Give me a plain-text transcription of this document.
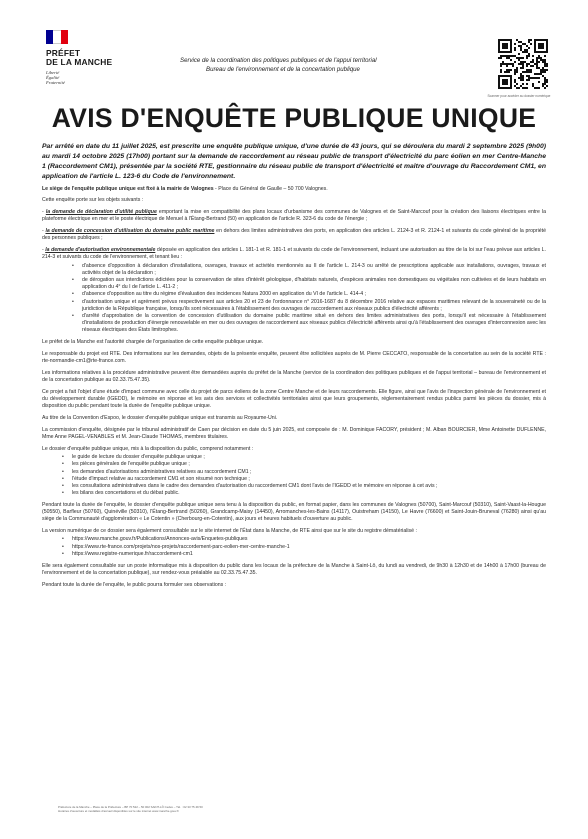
PRÉFET
DE LA MANCHE
Liberté
Égalité
Fraternité
Service de la coordination des politiques publiques et de l'appui territorial
Bureau de l'environnement et de la concertation publique
Scanner pour accéder au dossier numérique
AVIS D'ENQUÊTE PUBLIQUE UNIQUE

Par arrêté en date du 11 juillet 2025, est prescrite une enquête publique unique, d'une durée de 43 jours, qui se déroulera du mardi 2 septembre 2025 (9h00) au mardi 14 octobre 2025 (17h00) portant sur la demande de raccordement au réseau public de transport d'électricité du parc éolien en mer Centre-Manche 1 (Raccordement CM1), présentée par la société RTE, gestionnaire du réseau public de transport d'électricité et maître d'ouvrage du Raccordement CM1, en application de l'article L. 123-6 du Code de l'environnement.

Le siège de l'enquête publique unique est fixé à la mairie de Valognes - Place du Général de Gaulle – 50 700 Valognes.

Cette enquête porte sur les objets suivants :

- la demande de déclaration d'utilité publique emportant la mise en compatibilité des plans locaux d'urbanisme des communes de Valognes et de Saint-Marcouf pour la création des liaisons électriques entre la plateforme électrique en mer et le poste électrique de Menuel à l'Étang-Bertrand (50) en application de l'article R. 323-6 du code de l'énergie ;

- la demande de concession d'utilisation du domaine public maritime en dehors des limites administratives des ports, en application des articles L. 2124-3 et R. 2124-1 et suivants du code général de la propriété des personnes publiques ;

- la demande d'autorisation environnementale déposée en application des articles L. 181-1 et R. 181-1 et suivants du code de l'environnement, incluant une autorisation au titre de la loi sur l'eau prévue aux articles L. 214-3 et suivants du code de l'environnement, et tenant lieu :

• d'absence d'opposition à déclaration d'installations, ouvrages, travaux et activités mentionnés au II de l'article L. 214-3 ou arrêté de prescriptions applicable aux installations, ouvrages, travaux et activités objet de la déclaration ;
• de dérogation aux interdictions édictées pour la conservation de sites d'intérêt géologique, d'habitats naturels, d'espèces animales non domestiques ou végétales non cultivées et de leurs habitats en application du 4° du I de l'article L. 411-2 ;
• d'absence d'opposition au titre du régime d'évaluation des incidences Natura 2000 en application du VI de l'article L. 414-4 ;
• d'autorisation unique et agrément prévus respectivement aux articles 20 et 23 de l'ordonnance n° 2016-1687 du 8 décembre 2016 relative aux espaces maritimes relevant de la souveraineté ou de la juridiction de la République française, lorsqu'ils sont nécessaires à l'établissement des ouvrages de raccordement aux réseaux publics d'électricité afférents ;
• d'arrêté d'approbation de la convention de concession d'utilisation du domaine public maritime situé en dehors des limites administratives des ports, lorsqu'il est nécessaire à l'établissement d'installations de production d'énergie renouvelable en mer ou des ouvrages de raccordement aux réseaux publics d'électricité afférents ainsi qu'à l'établissement des ouvrages d'interconnexion avec les réseaux électriques des États limitrophes.

Le préfet de la Manche est l'autorité chargée de l'organisation de cette enquête publique unique.

Le responsable du projet est RTE. Des informations sur les demandes, objets de la présente enquête, peuvent être sollicitées auprès de M. Pierre CECCATO, responsable de la concertation au sein de la société RTE : rte-normandie-cm1@rte-france.com.

Les informations relatives à la procédure administrative peuvent être demandées auprès du préfet de la Manche (service de la coordination des politiques publiques et de l'appui territorial – bureau de l'environnement et de la concertation publique au 02.33.75.47.35).

Ce projet a fait l'objet d'une étude d'impact commune avec celle du projet de parcs éoliens de la zone Centre Manche et de leurs raccordements. Elle figure, ainsi que l'avis de l'inspection générale de l'environnement et du développement durable (IGEDD), le mémoire en réponse et les avis des services et collectivités territoriales ainsi que leurs groupements, réglementairement rendus publics parmi les pièces du dossier, mis à disposition du public pendant toute la durée de l'enquête publique unique.

Au titre de la Convention d'Espoo, le dossier d'enquête publique unique est transmis au Royaume-Uni.

La commission d'enquête, désignée par le tribunal administratif de Caen par décision en date du 5 juin 2025, est composée de : M. Dominique FACORY, président ; M. Alban BOURCIER, Mme Antoinette DUFLENNE, Mme Anne PAGEL-VENABLES et M. Jean-Claude THOMAS, membres titulaires.

Le dossier d'enquête publique unique, mis à la disposition du public, comprend notamment :

• le guide de lecture du dossier d'enquête publique unique ;
• les pièces générales de l'enquête publique unique ;
• les demandes d'autorisations administratives relatives au raccordement CM1 ;
• l'étude d'impact relative au raccordement CM1 et son résumé non technique ;
• les consultations administratives dans le cadre des demandes d'autorisation du raccordement CM1 dont l'avis de l'IGEDD et le mémoire en réponse à cet avis ;
• les bilans des concertations et du débat public.

Pendant toute la durée de l'enquête, le dossier d'enquête publique unique sera tenu à la disposition du public, en format papier, dans les communes de Valognes (50700), Saint-Marcouf (50310), Saint-Vaast-la-Hougue (50550), Barfleur (50760), Quinéville (50310), l'Étang-Bertrand (50260), Grandcamp-Maisy (14450), Arromanches-les-Bains (14117), Ouistreham (14150), Le Havre (76600) et Saint-Jouin-Bruneval (76280) ainsi qu'au siège de la Communauté d'agglomération « Le Cotentin » (Cherbourg-en-Cotentin), aux jours et heures habituels d'ouverture au public.

La version numérique de ce dossier sera également consultable sur le site internet de l'État dans la Manche, de RTE ainsi que sur le site du registre dématérialisé :

• https://www.manche.gouv.fr/Publications/Annonces-avis/Enquetes-publiques
• https://www.rte-france.com/projets/nos-projets/raccordement-parc-eolien-mer-centre-manche-1
• https://www.registre-numerique.fr/raccordement-cm1

Elle sera également consultable sur un poste informatique mis à disposition du public dans les locaux de la préfecture de la Manche à Saint-Lô, du lundi au vendredi, de 9h30 à 12h30 et de 14h00 à 17h00 (bureau de l'environnement et de la concertation publique), sur rendez-vous préalable au 02.33.75.47.35.

Pendant toute la durée de l'enquête, le public pourra formuler ses observations :

Préfecture de la Manche – Place de la Préfecture – BP 70 522 – 50 002 SAINT-LÔ Cedex – Tél. : 02 33 75 49 50
Horaires d'ouverture et modalités d'accueil disponibles sur le site internet www.manche.gouv.fr
